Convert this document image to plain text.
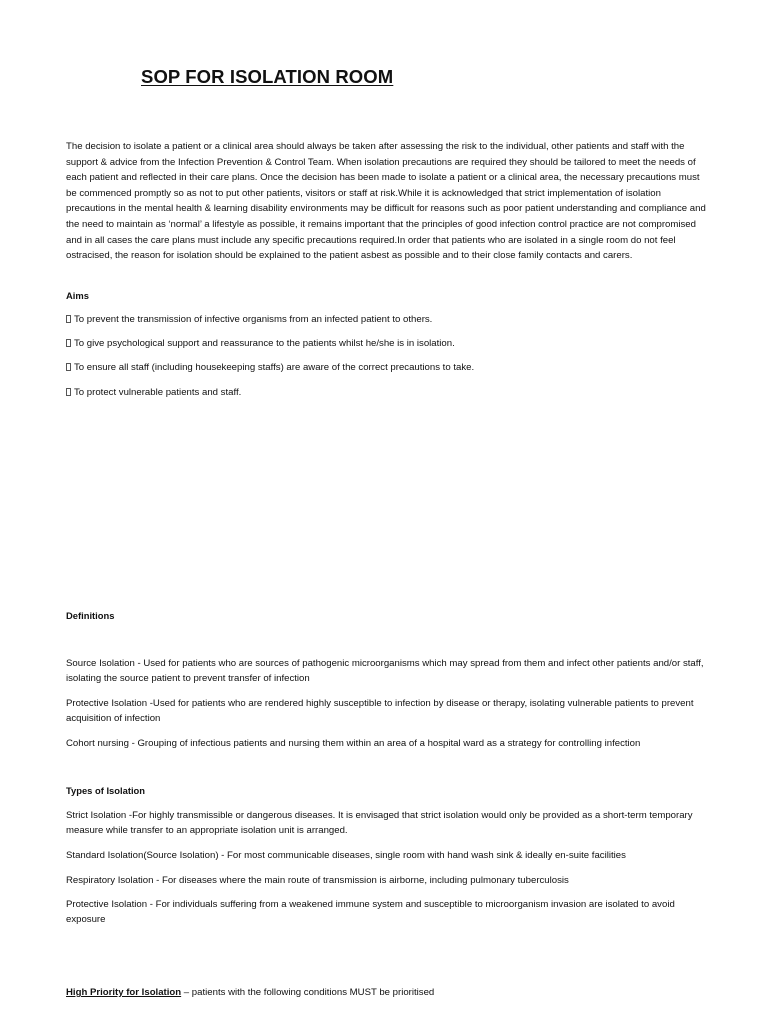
SOP FOR ISOLATION ROOM

The decision to isolate a patient or a clinical area should always be taken after assessing the risk to the individual, other patients and staff with the support & advice from the Infection Prevention & Control Team. When isolation precautions are required they should be tailored to meet the needs of each patient and reflected in their care plans. Once the decision has been made to isolate a patient or a clinical area, the necessary precautions must be commenced promptly so as not to put other patients, visitors or staff at risk.While it is acknowledged that strict implementation of isolation precautions in the mental health & learning disability environments may be difficult for reasons such as poor patient understanding and compliance and the need to maintain as ‘normal’ a lifestyle as possible, it remains important that the principles of good infection control practice are not compromised and in all cases the care plans must include any specific precautions required.In order that patients who are isolated in a single room do not feel ostracised, the reason for isolation should be explained to the patient asbest as possible and to their close family contacts and carers.

Aims

To prevent the transmission of infective organisms from an infected patient to others.

To give psychological support and reassurance to the patients whilst he/she is in isolation.

To ensure all staff (including housekeeping staffs) are aware of the correct precautions to take.

To protect vulnerable patients and staff.

Definitions

Source Isolation - Used for patients who are sources of pathogenic microorganisms which may spread from them and infect other patients and/or staff, isolating the source patient to prevent transfer of infection

Protective Isolation -Used for patients who are rendered highly susceptible to infection by disease or therapy, isolating vulnerable patients to prevent acquisition of infection

Cohort nursing - Grouping of infectious patients and nursing them within an area of a hospital ward as a strategy for controlling infection

Types of Isolation

Strict Isolation -For highly transmissible or dangerous diseases. It is envisaged that strict isolation would only be provided as a short-term temporary measure while transfer to an appropriate isolation unit is arranged.

Standard Isolation(Source Isolation) - For most communicable diseases, single room with hand wash sink & ideally en-suite facilities

Respiratory Isolation - For diseases where the main route of transmission is airborne, including pulmonary tuberculosis

Protective Isolation - For individuals suffering from a weakened immune system and susceptible to microorganism invasion are isolated to avoid exposure

High Priority for Isolation – patients with the following conditions MUST be prioritised
